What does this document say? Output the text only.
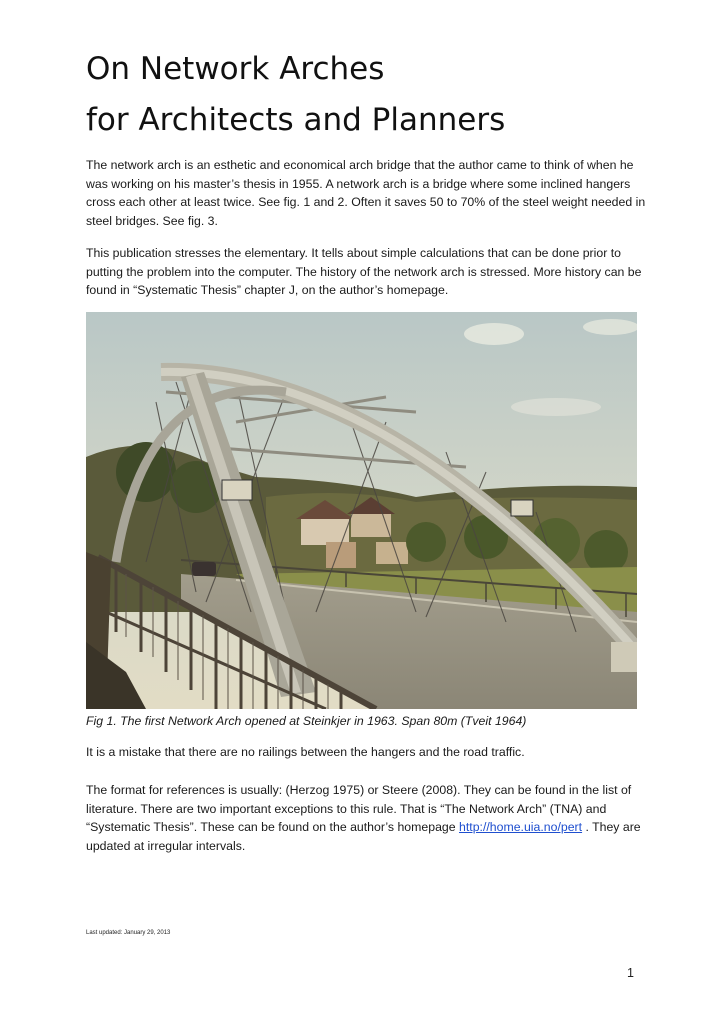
On Network Arches
for Architects and Planners

The network arch is an esthetic and economical arch bridge that the author came to think of when he was working on his master’s thesis in 1955. A network arch is a bridge where some inclined hangers cross each other at least twice. See fig. 1 and 2. Often it saves 50 to 70% of the steel weight needed in steel bridges. See fig. 3.

This publication stresses the elementary. It tells about simple calculations that can be done prior to putting the problem into the computer. The history of the network arch is stressed. More history can be found in “Systematic Thesis” chapter J, on the author’s homepage.

Fig 1. The first Network Arch opened at Steinkjer in 1963. Span 80m (Tveit 1964)

It is a mistake that there are no railings between the hangers and the road traffic.

The format for references is usually: (Herzog 1975) or Steere (2008). They can be found in the list of literature. There are two important exceptions to this rule. That is “The Network Arch” (TNA) and “Systematic Thesis”. These can be found on the author’s homepage http://home.uia.no/pert . They are updated at irregular intervals.

Last updated: January 29, 2013

1
